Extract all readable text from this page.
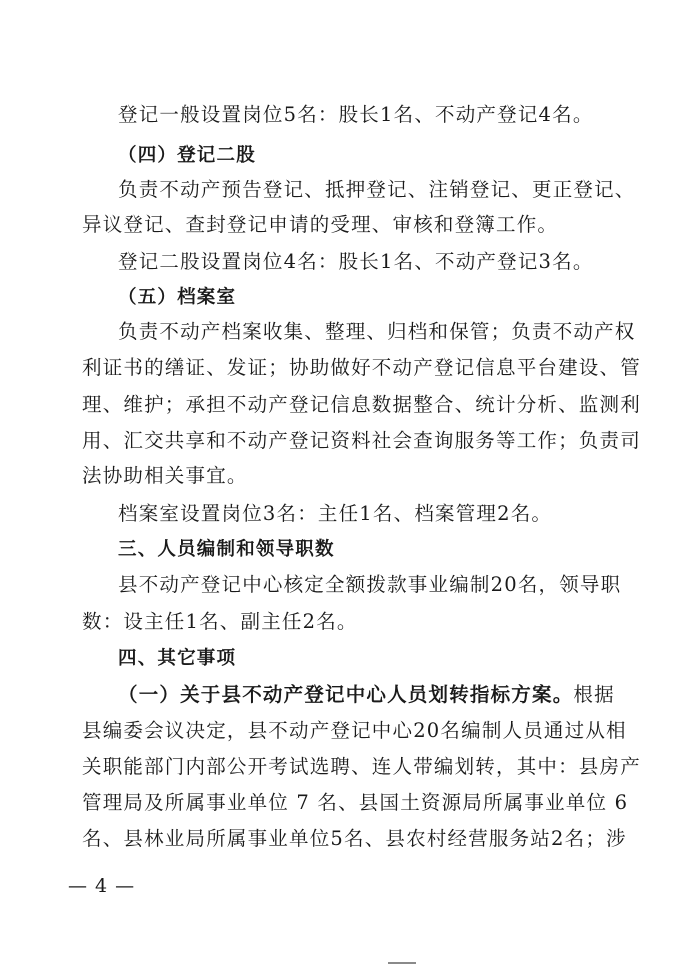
登记一般设置岗位5名：股长1名、不动产登记4名。
（四）登记二股
负责不动产预告登记、抵押登记、注销登记、更正登记、
异议登记、查封登记申请的受理、审核和登簿工作。
登记二股设置岗位4名：股长1名、不动产登记3名。
（五）档案室
负责不动产档案收集、整理、归档和保管；负责不动产权
利证书的缮证、发证；协助做好不动产登记信息平台建设、管
理、维护；承担不动产登记信息数据整合、统计分析、监测利
用、汇交共享和不动产登记资料社会查询服务等工作；负责司
法协助相关事宜。
档案室设置岗位3名：主任1名、档案管理2名。
三、人员编制和领导职数
县不动产登记中心核定全额拨款事业编制20名，领导职
数：设主任1名、副主任2名。
四、其它事项
（一）关于县不动产登记中心人员划转指标方案。根据
县编委会议决定，县不动产登记中心20名编制人员通过从相
关职能部门内部公开考试选聘、连人带编划转，其中：县房产
管理局及所属事业单位 7 名、县国土资源局所属事业单位 6
名、县林业局所属事业单位5名、县农村经营服务站2名；涉
— 4 —
